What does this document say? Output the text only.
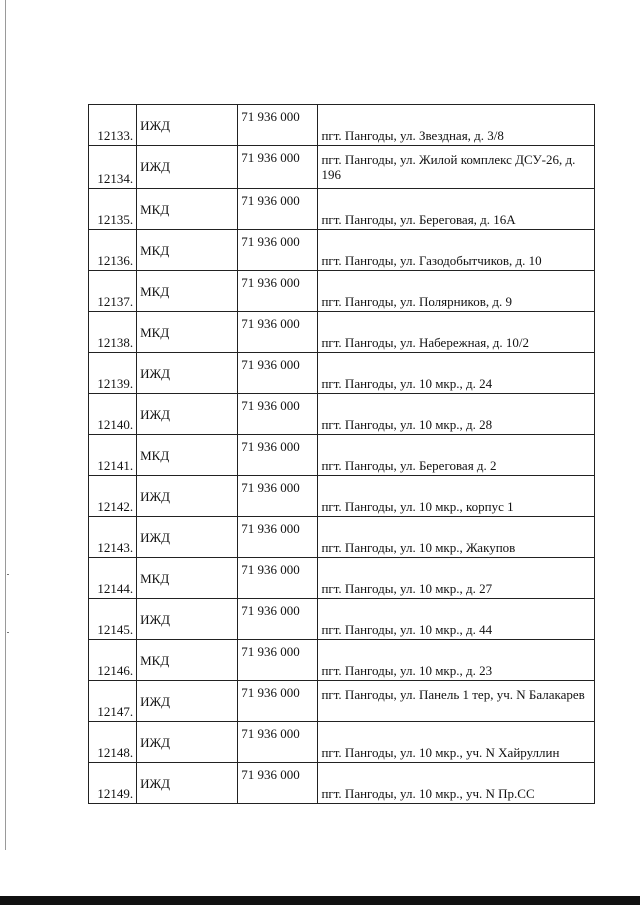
12133.	ИЖД	71 936 000	пгт. Пангоды, ул. Звездная, д. 3/8

12134.	ИЖД	71 936 000	пгт. Пангоды, ул. Жилой комплекс ДСУ-26, д. 196

12135.	МКД	71 936 000	пгт. Пангоды, ул. Береговая, д. 16А

12136.	МКД	71 936 000	пгт. Пангоды, ул. Газодобытчиков, д. 10

12137.	МКД	71 936 000	пгт. Пангоды, ул. Полярников, д. 9

12138.	МКД	71 936 000	пгт. Пангоды, ул. Набережная, д. 10/2

12139.	ИЖД	71 936 000	пгт. Пангоды, ул. 10 мкр., д. 24

12140.	ИЖД	71 936 000	пгт. Пангоды, ул. 10 мкр., д. 28

12141.	МКД	71 936 000	пгт. Пангоды, ул. Береговая д. 2

12142.	ИЖД	71 936 000	пгт. Пангоды, ул. 10 мкр., корпус 1

12143.	ИЖД	71 936 000	пгт. Пангоды, ул. 10 мкр., Жакупов

12144.	МКД	71 936 000	пгт. Пангоды, ул. 10 мкр., д. 27

12145.	ИЖД	71 936 000	пгт. Пангоды, ул. 10 мкр., д. 44

12146.	МКД	71 936 000	пгт. Пангоды, ул. 10 мкр., д. 23

12147.	ИЖД	71 936 000	пгт. Пангоды, ул. Панель 1 тер, уч. N Балакарев

12148.	ИЖД	71 936 000	пгт. Пангоды, ул. 10 мкр., уч. N Хайруллин

12149.	ИЖД	71 936 000	пгт. Пангоды, ул. 10 мкр., уч. N Пр.СС
